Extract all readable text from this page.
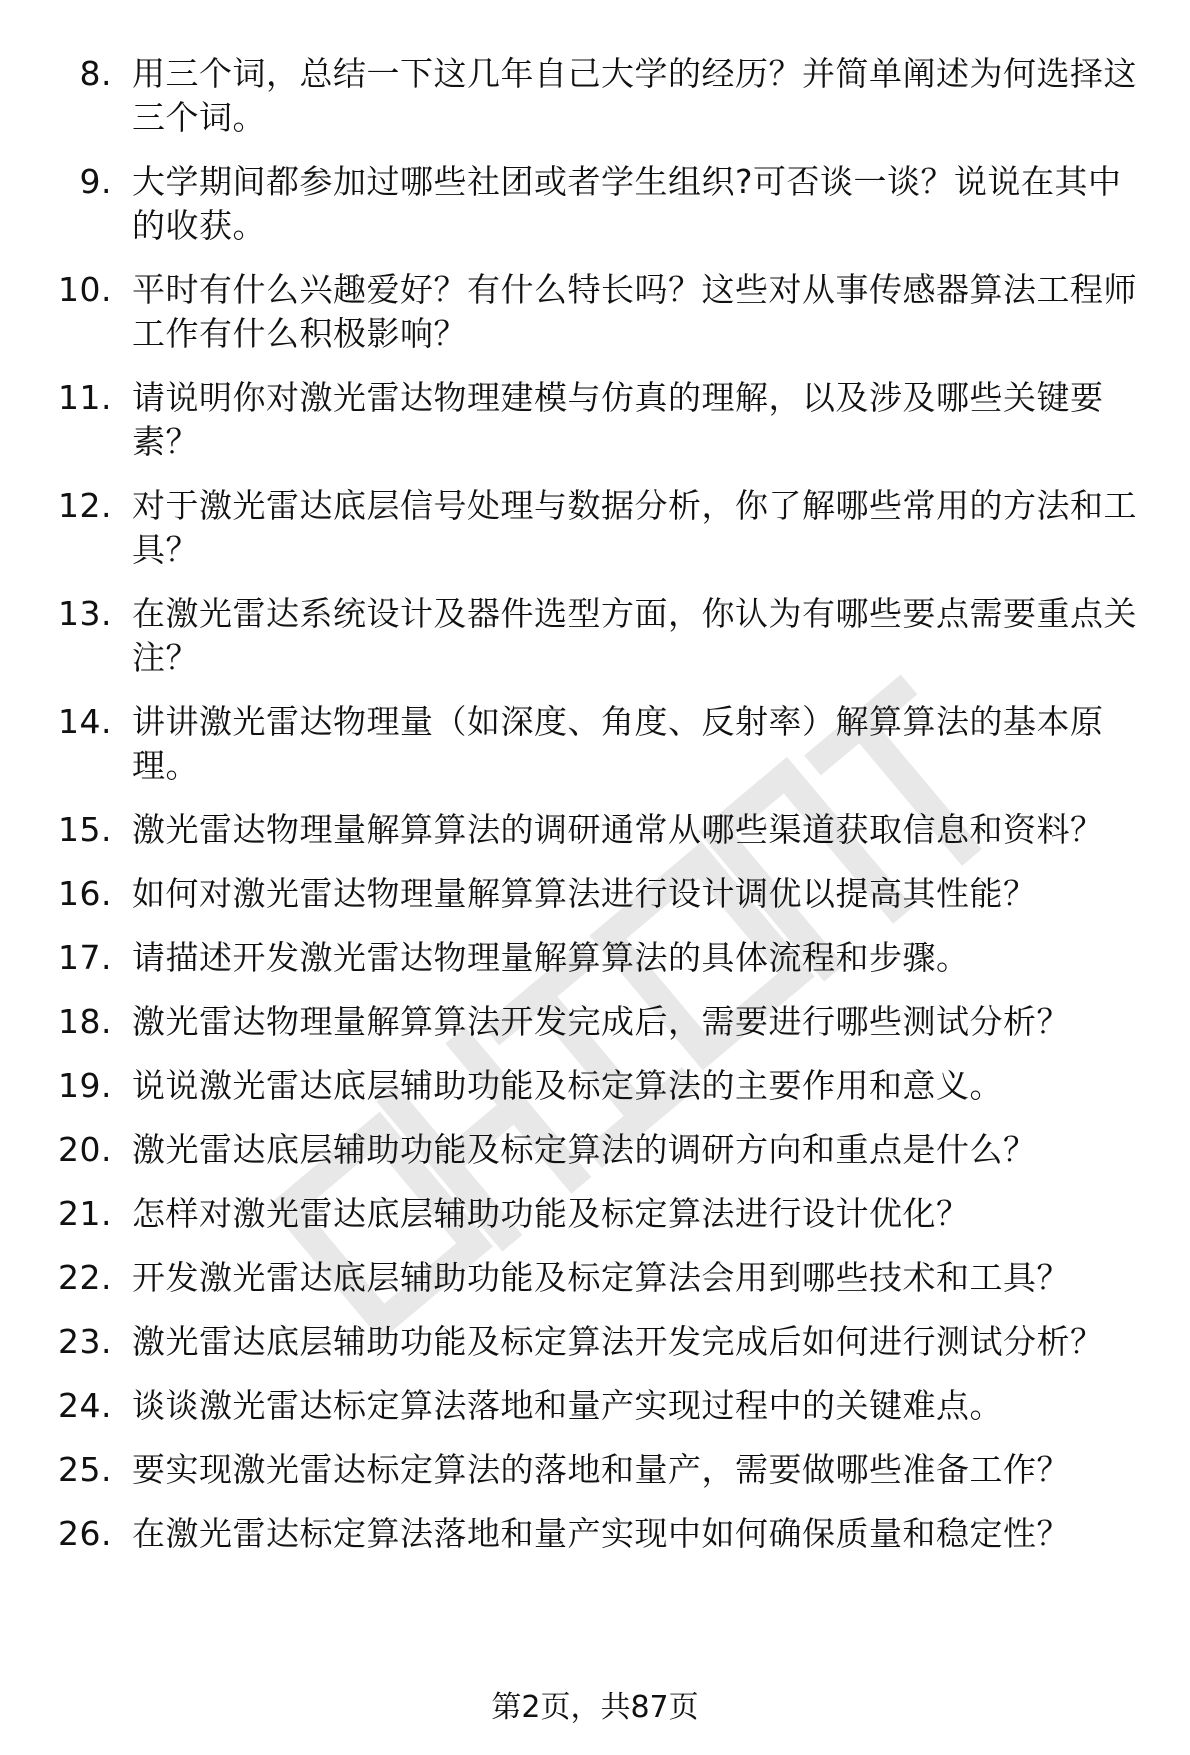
8. 用三个词，总结一下这几年自己大学的经历？并简单阐述为何选择这三个词。
9. 大学期间都参加过哪些社团或者学生组织?可否谈一谈？说说在其中的收获。
10. 平时有什么兴趣爱好？有什么特长吗？这些对从事传感器算法工程师工作有什么积极影响？
11. 请说明你对激光雷达物理建模与仿真的理解，以及涉及哪些关键要素？
12. 对于激光雷达底层信号处理与数据分析，你了解哪些常用的方法和工具？
13. 在激光雷达系统设计及器件选型方面，你认为有哪些要点需要重点关注？
14. 讲讲激光雷达物理量（如深度、角度、反射率）解算算法的基本原理。
15. 激光雷达物理量解算算法的调研通常从哪些渠道获取信息和资料？
16. 如何对激光雷达物理量解算算法进行设计调优以提高其性能？
17. 请描述开发激光雷达物理量解算算法的具体流程和步骤。
18. 激光雷达物理量解算算法开发完成后，需要进行哪些测试分析？
19. 说说激光雷达底层辅助功能及标定算法的主要作用和意义。
20. 激光雷达底层辅助功能及标定算法的调研方向和重点是什么？
21. 怎样对激光雷达底层辅助功能及标定算法进行设计优化？
22. 开发激光雷达底层辅助功能及标定算法会用到哪些技术和工具？
23. 激光雷达底层辅助功能及标定算法开发完成后如何进行测试分析？
24. 谈谈激光雷达标定算法落地和量产实现过程中的关键难点。
25. 要实现激光雷达标定算法的落地和量产，需要做哪些准备工作？
26. 在激光雷达标定算法落地和量产实现中如何确保质量和稳定性？
第2页，共87页
